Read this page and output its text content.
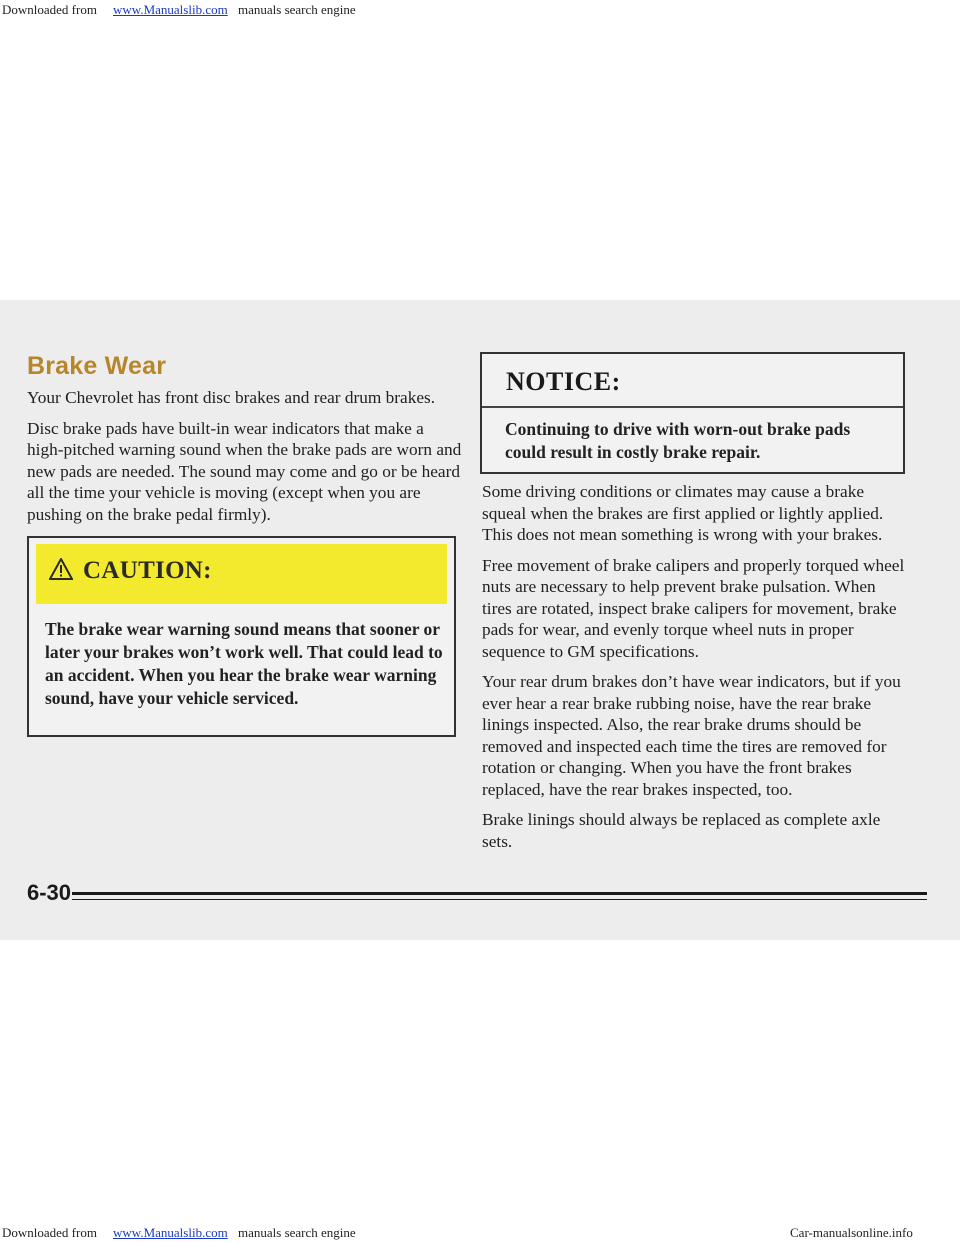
Downloaded from www.Manualslib.com manuals search engine
Brake Wear

Your Chevrolet has front disc brakes and rear drum brakes.

Disc brake pads have built-in wear indicators that make a high-pitched warning sound when the brake pads are worn and new pads are needed. The sound may come and go or be heard all the time your vehicle is moving (except when you are pushing on the brake pedal firmly).

CAUTION:

The brake wear warning sound means that sooner or later your brakes won’t work well. That could lead to an accident. When you hear the brake wear warning sound, have your vehicle serviced.

NOTICE:

Continuing to drive with worn-out brake pads could result in costly brake repair.

Some driving conditions or climates may cause a brake squeal when the brakes are first applied or lightly applied. This does not mean something is wrong with your brakes.

Free movement of brake calipers and properly torqued wheel nuts are necessary to help prevent brake pulsation. When tires are rotated, inspect brake calipers for movement, brake pads for wear, and evenly torque wheel nuts in proper sequence to GM specifications.

Your rear drum brakes don’t have wear indicators, but if you ever hear a rear brake rubbing noise, have the rear brake linings inspected. Also, the rear brake drums should be removed and inspected each time the tires are removed for rotation or changing. When you have the front brakes replaced, have the rear brakes inspected, too.

Brake linings should always be replaced as complete axle sets.

6-30
Downloaded from www.Manualslib.com manuals search engine	Car-manualsonline.info
